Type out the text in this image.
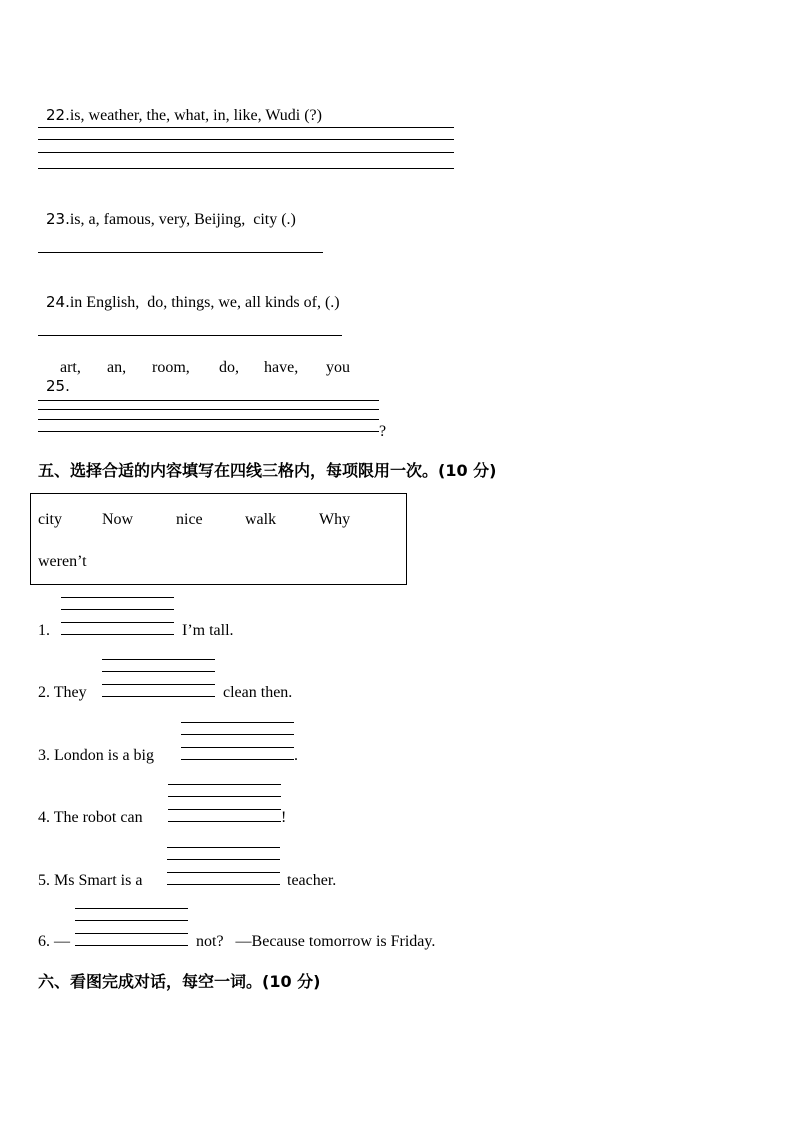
22.is, weather, the, what, in, like, Wudi (?)

23.is, a, famous, very, Beijing,  city (.)

24.in English,  do, things, we, all kinds of, (.)

25.

art, an, room, do, have, you
?
五、选择合适的内容填写在四线三格内，每项限用一次。(10 分)
city	Now	nice	walk	Why
weren’t
1.	I’m tall.
2. They	clean then.
3. London is a big	.
4. The robot can	!
5. Ms Smart is a	teacher.
6. —	not?   —Because tomorrow is Friday.
六、看图完成对话，每空一词。(10 分)
